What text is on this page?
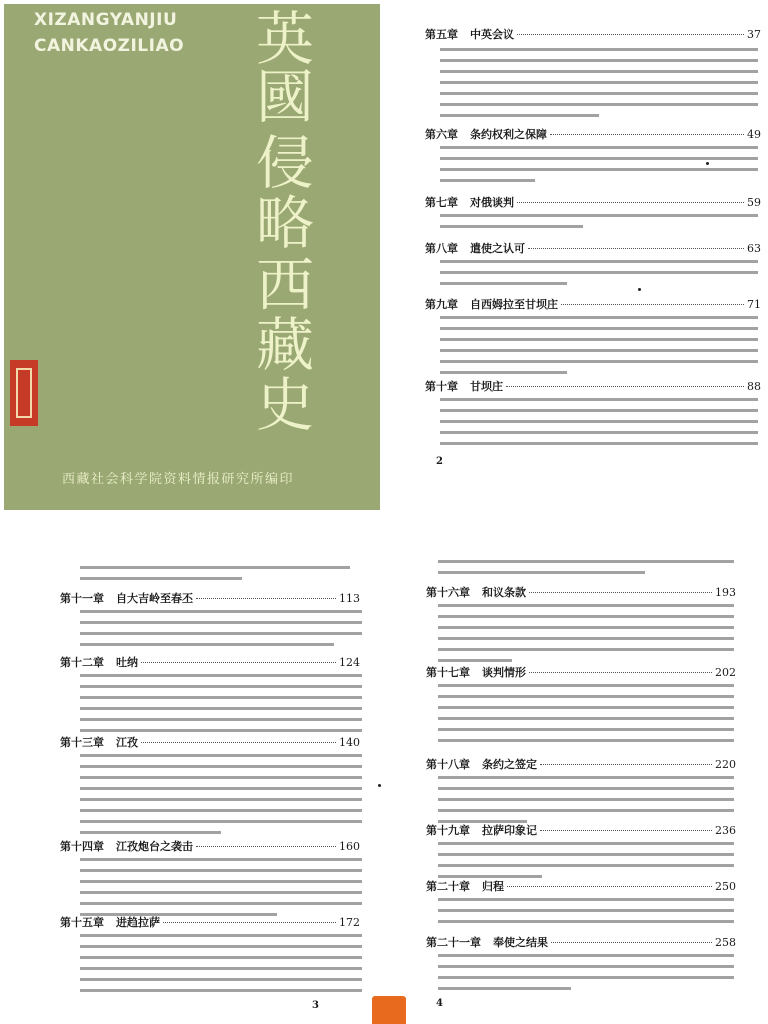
XIZANGYANJIU
CANKAOZILIAO 英
國
侵
略
西
藏
史
西藏社会科学院资料情报研究所编印
第五章 中英会议	37
第六章 条约权利之保障	49
第七章 对俄谈判	59
第八章 遣使之认可	63
第九章 自西姆拉至甘坝庄	71
第十章 甘坝庄	88
2
第十一章 自大吉岭至春丕	113
第十二章 吐纳	124
第十三章 江孜	140
第十四章 江孜炮台之袭击	160
第十五章 进趋拉萨	172
3
第十六章 和议条款	193
第十七章 谈判情形	202
第十八章 条约之签定	220
第十九章 拉萨印象记	236
第二十章 归程	250
第二十一章 奉使之结果	258
4
